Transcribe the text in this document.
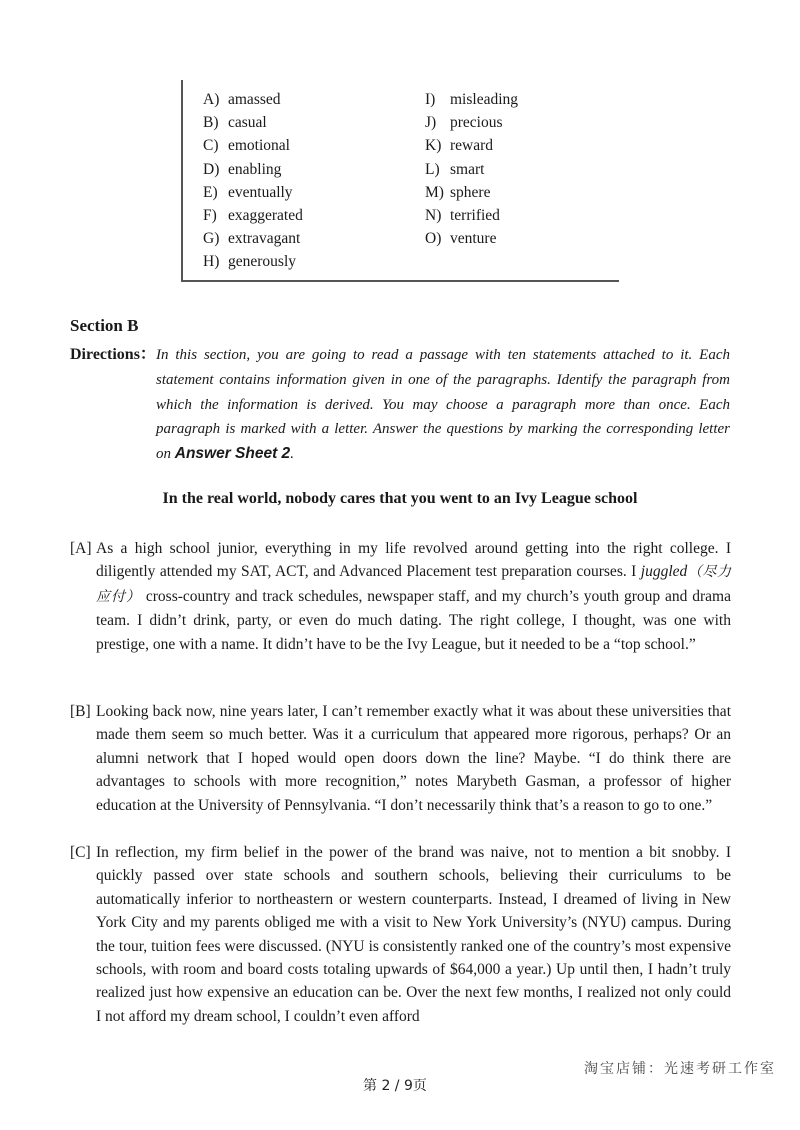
A) amassed
B) casual
C) emotional
D) enabling
E) eventually
F) exaggerated
G) extravagant
H) generously
I) misleading
J) precious
K) reward
L) smart
M) sphere
N) terrified
O) venture
Section B
Directions： In this section, you are going to read a passage with ten statements attached to it. Each statement contains information given in one of the paragraphs. Identify the paragraph from which the information is derived. You may choose a paragraph more than once. Each paragraph is marked with a letter. Answer the questions by marking the corresponding letter on Answer Sheet 2.
In the real world, nobody cares that you went to an Ivy League school
[A] As a high school junior, everything in my life revolved around getting into the right college. I diligently attended my SAT, ACT, and Advanced Placement test preparation courses. I juggled（尽力应付） cross-country and track schedules, newspaper staff, and my church’s youth group and drama team. I didn’t drink, party, or even do much dating. The right college, I thought, was one with prestige, one with a name. It didn’t have to be the Ivy League, but it needed to be a “top school.”
[B] Looking back now, nine years later, I can’t remember exactly what it was about these universities that made them seem so much better. Was it a curriculum that appeared more rigorous, perhaps? Or an alumni network that I hoped would open doors down the line? Maybe. “I do think there are advantages to schools with more recognition,” notes Marybeth Gasman, a professor of higher education at the University of Pennsylvania. “I don’t necessarily think that’s a reason to go to one.”
[C] In reflection, my firm belief in the power of the brand was naive, not to mention a bit snobby. I quickly passed over state schools and southern schools, believing their curriculums to be automatically inferior to northeastern or western counterparts. Instead, I dreamed of living in New York City and my parents obliged me with a visit to New York University’s (NYU) campus. During the tour, tuition fees were discussed. (NYU is consistently ranked one of the country’s most expensive schools, with room and board costs totaling upwards of $64,000 a year.) Up until then, I hadn’t truly realized just how expensive an education can be. Over the next few months, I realized not only could I not afford my dream school, I couldn’t even afford
淘宝店铺：光速考研工作室
第 2 / 9页
